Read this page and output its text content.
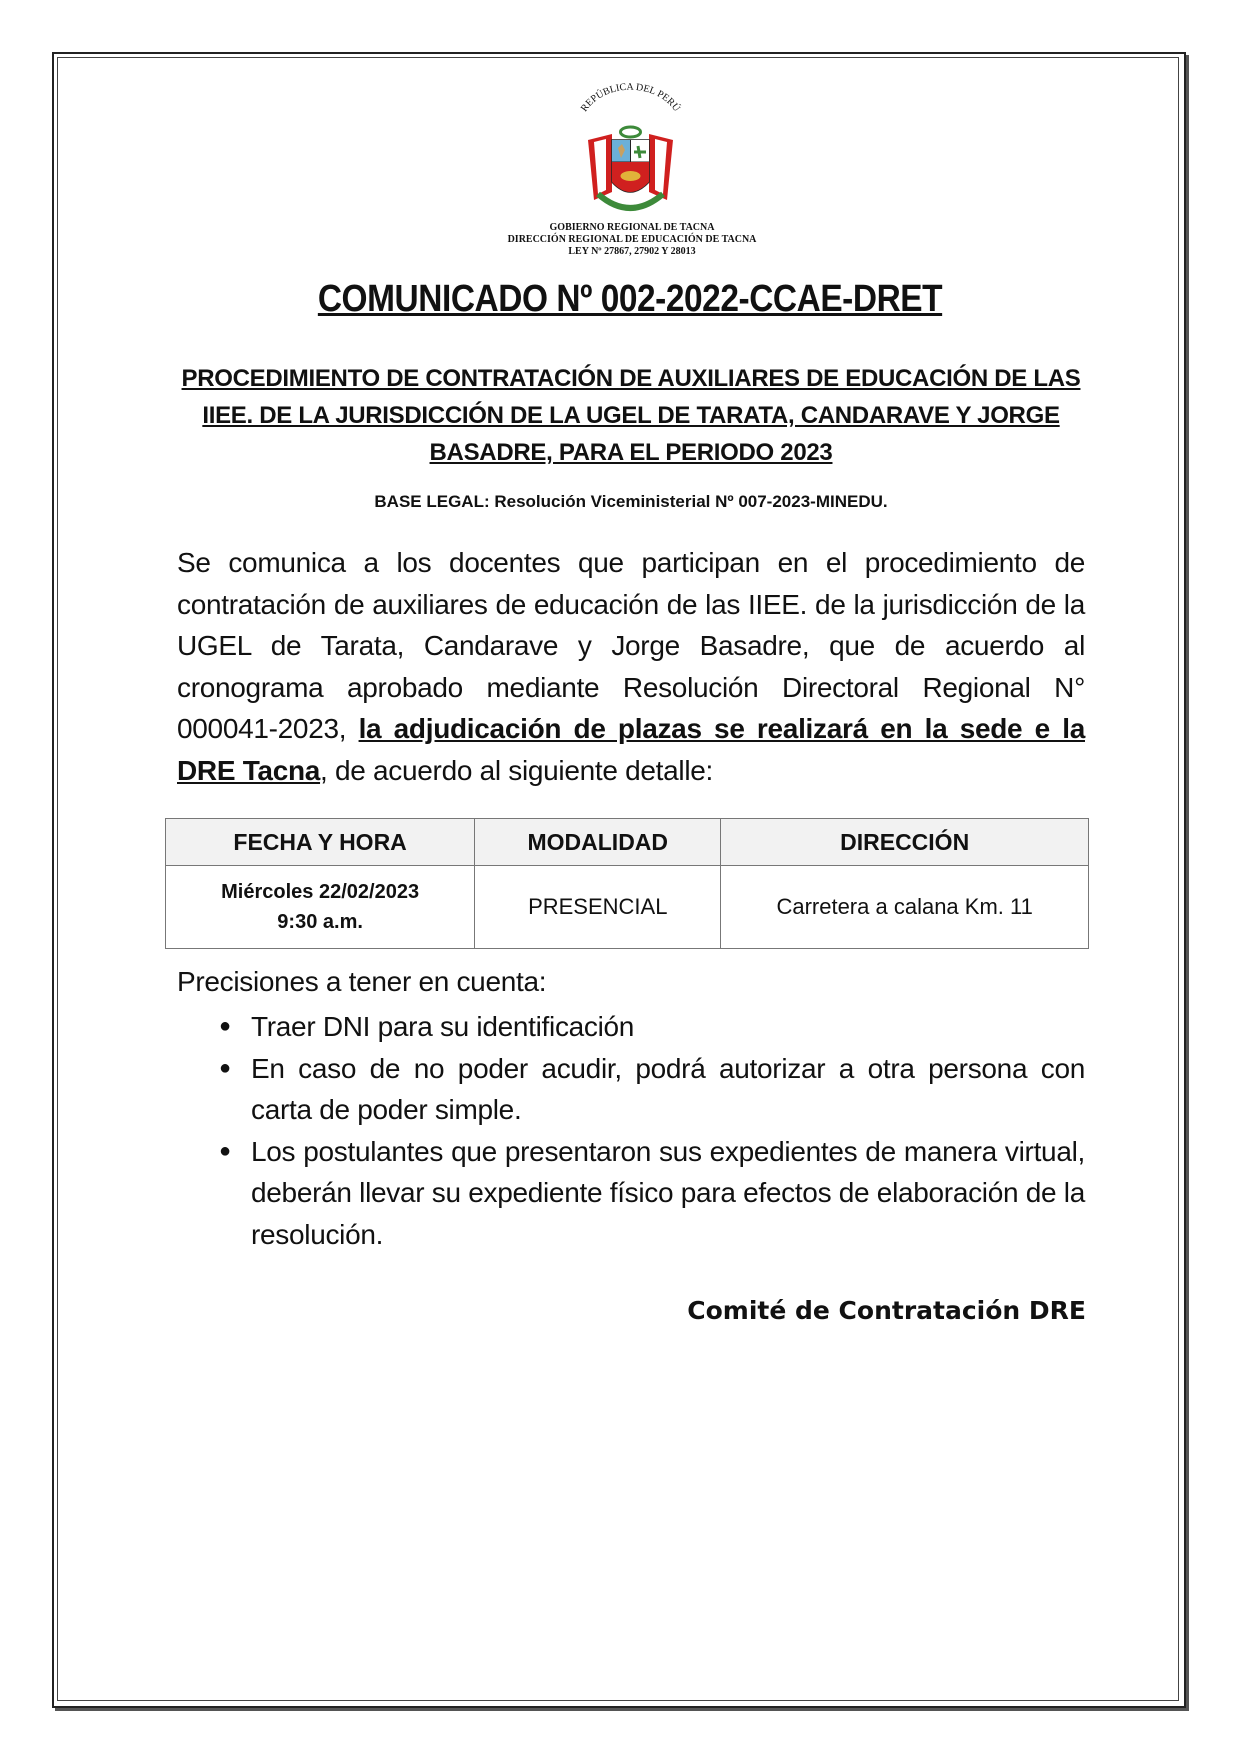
REPÚBLICA DEL PERÚ
GOBIERNO REGIONAL DE TACNA
DIRECCIÓN REGIONAL DE EDUCACIÓN DE TACNA
LEY Nº 27867, 27902 Y 28013
COMUNICADO Nº 002-2022-CCAE-DRET
PROCEDIMIENTO DE CONTRATACIÓN DE AUXILIARES DE EDUCACIÓN DE LAS
IIEE. DE LA JURISDICCIÓN DE LA UGEL DE TARATA, CANDARAVE Y JORGE
BASADRE, PARA EL PERIODO 2023
BASE LEGAL: Resolución Viceministerial Nº 007-2023-MINEDU.

Se comunica a los docentes que participan en el procedimiento de contratación de auxiliares de educación de las IIEE. de la jurisdicción de la UGEL de Tarata, Candarave y Jorge Basadre, que de acuerdo al cronograma aprobado mediante Resolución Directoral Regional N° 000041-2023, la adjudicación de plazas se realizará en la sede e la DRE Tacna, de acuerdo al siguiente detalle:

FECHA Y HORA	MODALIDAD	DIRECCIÓN

Miércoles 22/02/2023
9:30 a.m.	PRESENCIAL	Carretera a calana Km. 11
Precisiones a tener en cuenta:
● Traer DNI para su identificación
● En caso de no poder acudir, podrá autorizar a otra persona con carta de poder simple.
● Los postulantes que presentaron sus expedientes de manera virtual, deberán llevar su expediente físico para efectos de elaboración de la resolución.
Comité de Contratación DRE
